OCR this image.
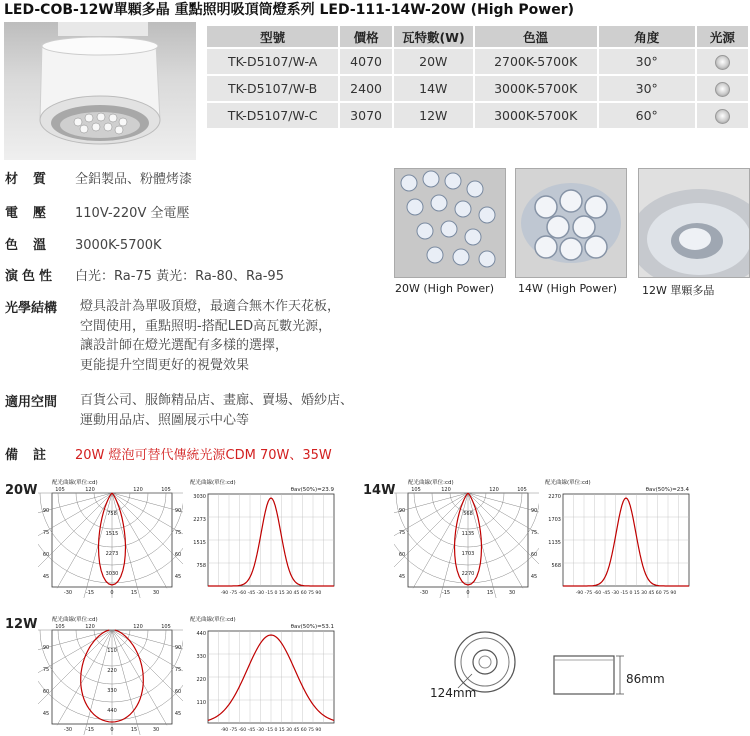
LED-COB-12W單顆多晶 重點照明吸頂筒燈系列 LED-111-14W-20W (High Power)
型號	價格	瓦特數(W)	色溫	角度	光源
TK-D5107/W-A	4070	20W	2700K-5700K	30°	
TK-D5107/W-B	2400	14W	3000K-5700K	30°	
TK-D5107/W-C	3070	12W	3000K-5700K	60°	
材質 全鋁製品、粉體烤漆
電壓 110V-220V 全電壓
色溫 3000K-5700K
演色性 白光：Ra-75 黃光：Ra-80、Ra-95
光學結構	燈具設計為單吸頂燈，最適合無木作天花板，
空間使用，重點照明-搭配LED高瓦數光源，
讓設計師在燈光選配有多樣的選擇，
更能提升空間更好的視覺效果
適用空間	百貨公司、服飾精品店、畫廊、賣場、婚紗店、
運動用品店、照圖展示中心等
備註 20W 燈泡可替代傳統光源CDM 70W、35W
20W (High Power) 14W (High Power) 12W 單顆多晶
20W	14W
12W
配光曲線(單位:cd)
758
1515
2273
3030
105	120	120	105
90
75
60
45
90
75
60
45
-30	-15	0	15	30
配光曲線(單位:cd)
θav(50%)=23.9
3030
2273
1515
758
-90 -75 -60 -45 -30 -15 0 15 30 45 60 75 90
配光曲線(單位:cd)
568
1135
1703
2270
105	120	120	105
90
75
60
45
90
75
60
45
-30	-15	0	15	30
配光曲線(單位:cd)
θav(50%)=23.4
2270
1703
1135
568
-90 -75 -60 -45 -30 -15 0 15 30 45 60 75 90
配光曲線(單位:cd)
110
220
330
440
105	120	120	105
90
75
60
45
90
75
60
45
-30	-15	0	15	30
配光曲線(單位:cd)
θav(50%)=53.1
440
330
220
110
-90 -75 -60 -45 -30 -15 0 15 30 45 60 75 90
124mm
86mm
